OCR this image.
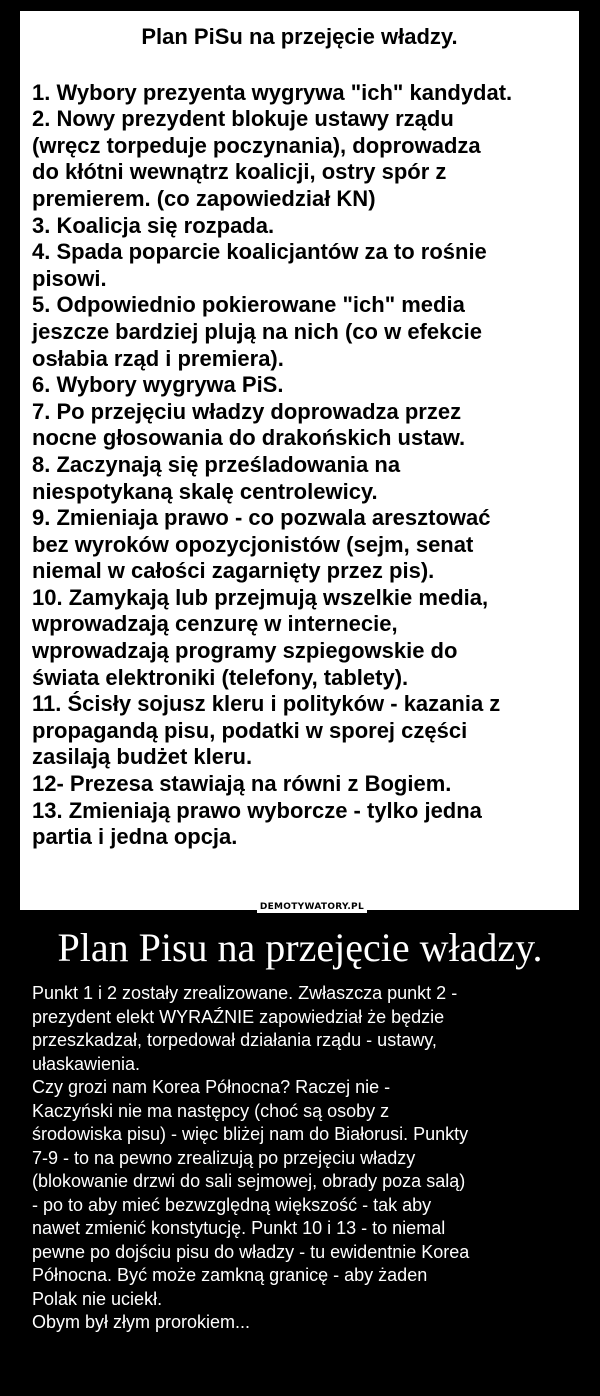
Plan PiSu na przejęcie władzy.
1. Wybory prezyenta wygrywa "ich" kandydat.
2. Nowy prezydent blokuje ustawy rządu
(wręcz torpeduje poczynania), doprowadza
do kłótni wewnątrz koalicji, ostry spór z
premierem. (co zapowiedział KN)
3. Koalicja się rozpada.
4. Spada poparcie koalicjantów za to rośnie
pisowi.
5. Odpowiednio pokierowane "ich" media
jeszcze bardziej plują na nich (co w efekcie
osłabia rząd i premiera).
6. Wybory wygrywa PiS.
7. Po przejęciu władzy doprowadza przez
nocne głosowania do drakońskich ustaw.
8. Zaczynają się prześladowania na
niespotykaną skalę centrolewicy.
9. Zmieniaja prawo - co pozwala aresztować
bez wyroków opozycjonistów (sejm, senat
niemal w całości zagarnięty przez pis).
10. Zamykają lub przejmują wszelkie media,
wprowadzają cenzurę w internecie,
wprowadzają programy szpiegowskie do
świata elektroniki (telefony, tablety).
11. Ścisły sojusz kleru i polityków - kazania z
propagandą pisu, podatki w sporej części
zasilają budżet kleru.
12- Prezesa stawiają na równi z Bogiem.
13. Zmieniają prawo wyborcze - tylko jedna
partia i jedna opcja.
DEMOTYWATORY.PL
Plan Pisu na przejęcie władzy.
Punkt 1 i 2 zostały zrealizowane. Zwłaszcza punkt 2 -
prezydent elekt WYRAŹNIE zapowiedział że będzie
przeszkadzał, torpedował działania rządu - ustawy,
ułaskawienia.
Czy grozi nam Korea Północna? Raczej nie -
Kaczyński nie ma następcy (choć są osoby z
środowiska pisu) - więc bliżej nam do Białorusi. Punkty
7-9 - to na pewno zrealizują po przejęciu władzy
(blokowanie drzwi do sali sejmowej, obrady poza salą)
- po to aby mieć bezwzględną większość - tak aby
nawet zmienić konstytucję. Punkt 10 i 13 - to niemal
pewne po dojściu pisu do władzy - tu ewidentnie Korea
Północna. Być może zamkną granicę - aby żaden
Polak nie uciekł.
Obym był złym prorokiem...
